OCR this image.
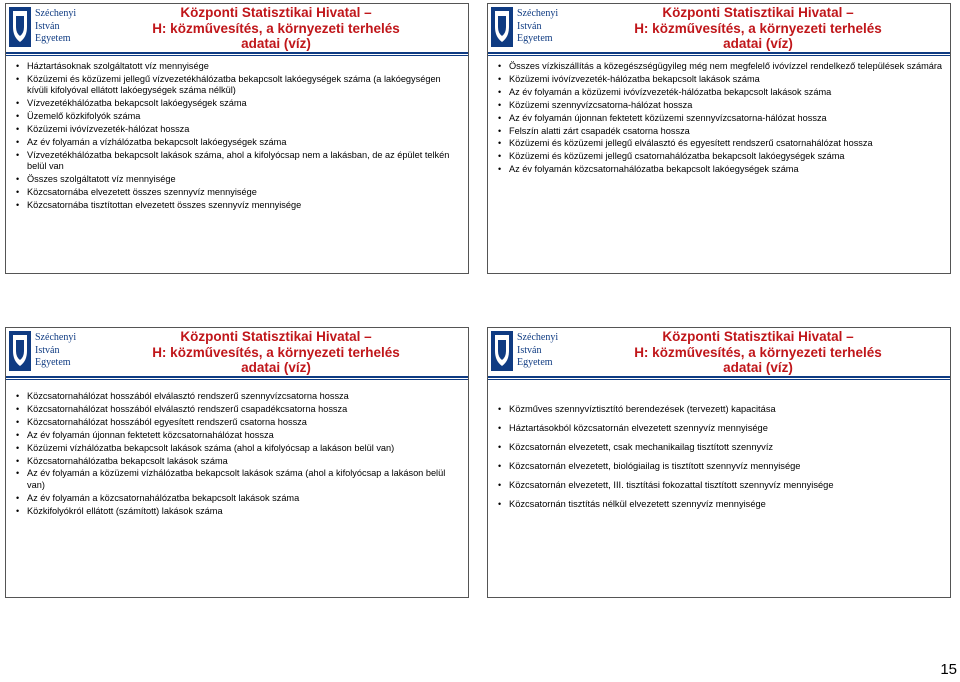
Széchenyi
István
Egyetem
Központi Statisztikai Hivatal –
H: közművesítés, a környezeti terhelés
adatai (víz)
• Háztartásoknak szolgáltatott víz mennyisége
• Közüzemi és közüzemi jellegű vízvezetékhálózatba bekapcsolt lakóegységek száma (a lakóegységen kívüli kifolyóval ellátott lakóegységek száma nélkül)
• Vízvezetékhálózatba bekapcsolt lakóegységek száma
• Üzemelő közkifolyók száma
• Közüzemi ivóvízvezeték-hálózat hossza
• Az év folyamán a vízhálózatba bekapcsolt lakóegységek száma
• Vízvezetékhálózatba bekapcsolt lakások száma, ahol a kifolyócsap nem a lakásban, de az épület telkén belül van
• Összes szolgáltatott víz mennyisége
• Közcsatornába elvezetett összes szennyvíz mennyisége
• Közcsatornába tisztítottan elvezetett összes szennyvíz mennyisége
Széchenyi
István
Egyetem
Központi Statisztikai Hivatal –
H: közművesítés, a környezeti terhelés
adatai (víz)
• Összes vízkiszállítás a közegészségügyileg még nem megfelelő ivóvízzel rendelkező települések számára
• Közüzemi ivóvízvezeték-hálózatba bekapcsolt lakások száma
• Az év folyamán a közüzemi ivóvízvezeték-hálózatba bekapcsolt lakások száma
• Közüzemi szennyvízcsatorna-hálózat hossza
• Az év folyamán újonnan fektetett közüzemi szennyvízcsatorna-hálózat hossza
• Felszín alatti zárt csapadék csatorna hossza
• Közüzemi és közüzemi jellegű elválasztó és egyesített rendszerű csatornahálózat hossza
• Közüzemi és közüzemi jellegű csatornahálózatba bekapcsolt lakóegységek száma
• Az év folyamán közcsatornahálózatba bekapcsolt lakóegységek száma
Széchenyi
István
Egyetem
Központi Statisztikai Hivatal –
H: közművesítés, a környezeti terhelés
adatai (víz)
• Közcsatornahálózat hosszából elválasztó rendszerű szennyvízcsatorna hossza
• Közcsatornahálózat hosszából elválasztó rendszerű csapadékcsatorna hossza
• Közcsatornahálózat hosszából egyesített rendszerű csatorna hossza
• Az év folyamán újonnan fektetett közcsatornahálózat hossza
• Közüzemi vízhálózatba bekapcsolt lakások száma (ahol a kifolyócsap a lakáson belül van)
• Közcsatornahálózatba bekapcsolt lakások száma
• Az év folyamán a közüzemi vízhálózatba bekapcsolt lakások száma (ahol a kifolyócsap a lakáson belül van)
• Az év folyamán a közcsatornahálózatba bekapcsolt lakások száma
• Közkifolyókról ellátott (számított) lakások száma
Széchenyi
István
Egyetem
Központi Statisztikai Hivatal –
H: közművesítés, a környezeti terhelés
adatai (víz)
• Közműves szennyvíztisztító berendezések (tervezett) kapacitása
• Háztartásokból közcsatornán elvezetett szennyvíz mennyisége
• Közcsatornán elvezetett, csak mechanikailag tisztított szennyvíz
• Közcsatornán elvezetett, biológiailag is tisztított szennyvíz mennyisége
• Közcsatornán elvezetett, III. tisztítási fokozattal tisztított szennyvíz mennyisége
• Közcsatornán tisztítás nélkül elvezetett szennyvíz mennyisége
15
